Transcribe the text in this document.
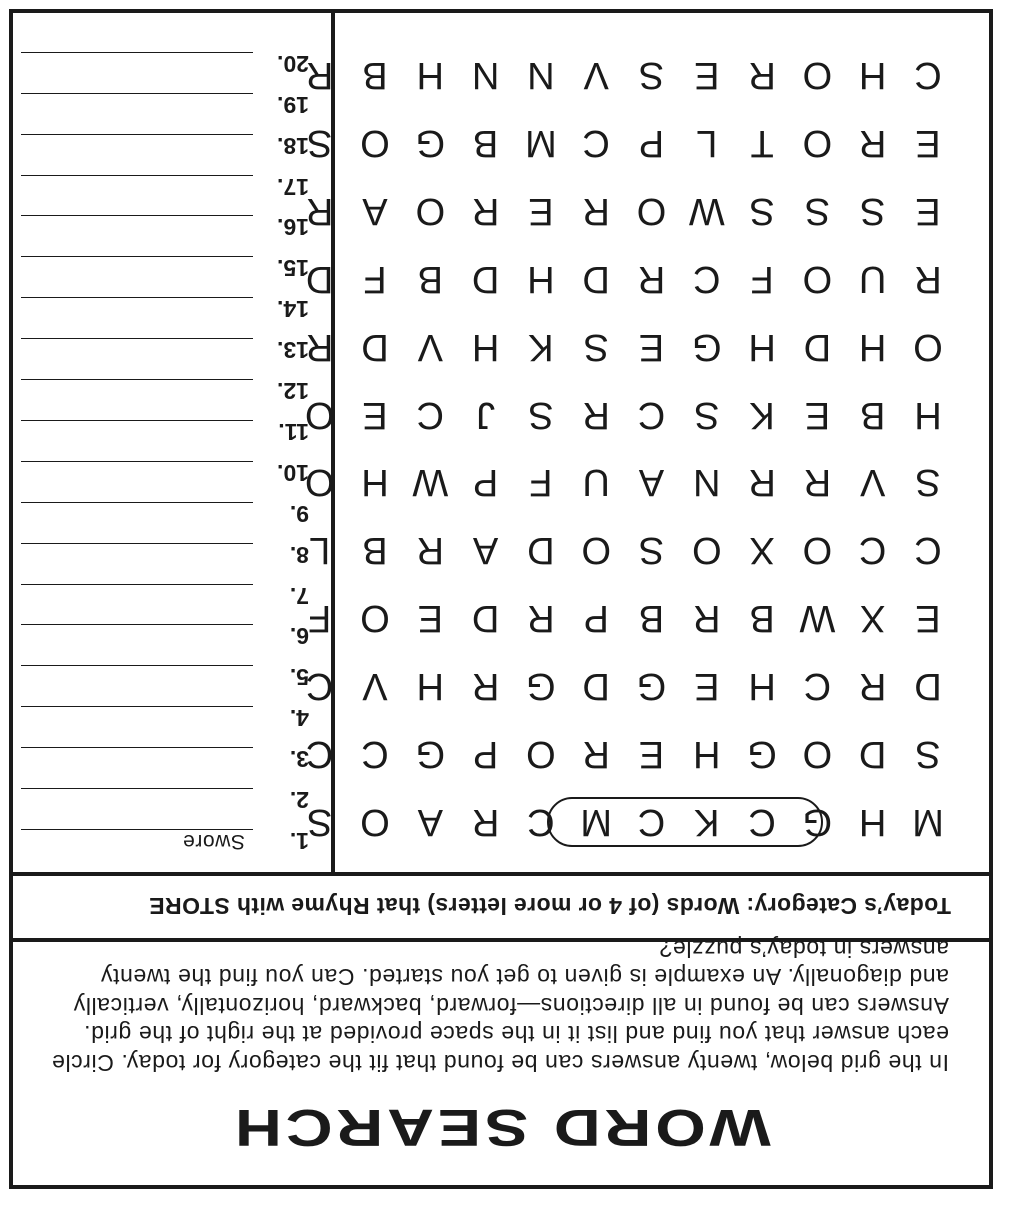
WORD SEARCH

In the grid below, twenty answers can be found that fit the category for today. Circle each answer that you find and list it in the space provided at the right of the grid. Answers can be found in all directions—forward, backward, horizontally, vertically and diagonally. An example is given to get you started. Can you find the twenty answers in today’s puzzle?

Today’s Category: Words (of 4 or more letters) that Rhyme with STORE
M
H
G
C
K
C
M
C
R
A
O
S
S
D
O
G
H
E
R
O
P
G
C
C
D
R
C
H
E
G
D
G
R
H
V
C
E
X
W
B
R
B
P
R
D
E
O
F
C
C
O
X
O
S
O
D
A
R
B
L
S
V
R
R
N
A
U
F
P
W
H
O
H
B
E
K
S
C
R
S
J
C
E
O
O
H
D
H
G
E
S
K
H
V
D
R
R
U
O
F
C
R
D
H
D
B
F
D
E
S
S
S
W
O
R
E
R
O
A
R
E
R
O
T
L
P
C
M
B
G
O
S
C
H
O
R
E
S
V
N
N
H
B
R
1.
Swore
2.
3.
4.
5.
6.
7.
8.
9.
10.
11.
12.
13.
14.
15.
16.
17.
18.
19.
20.
